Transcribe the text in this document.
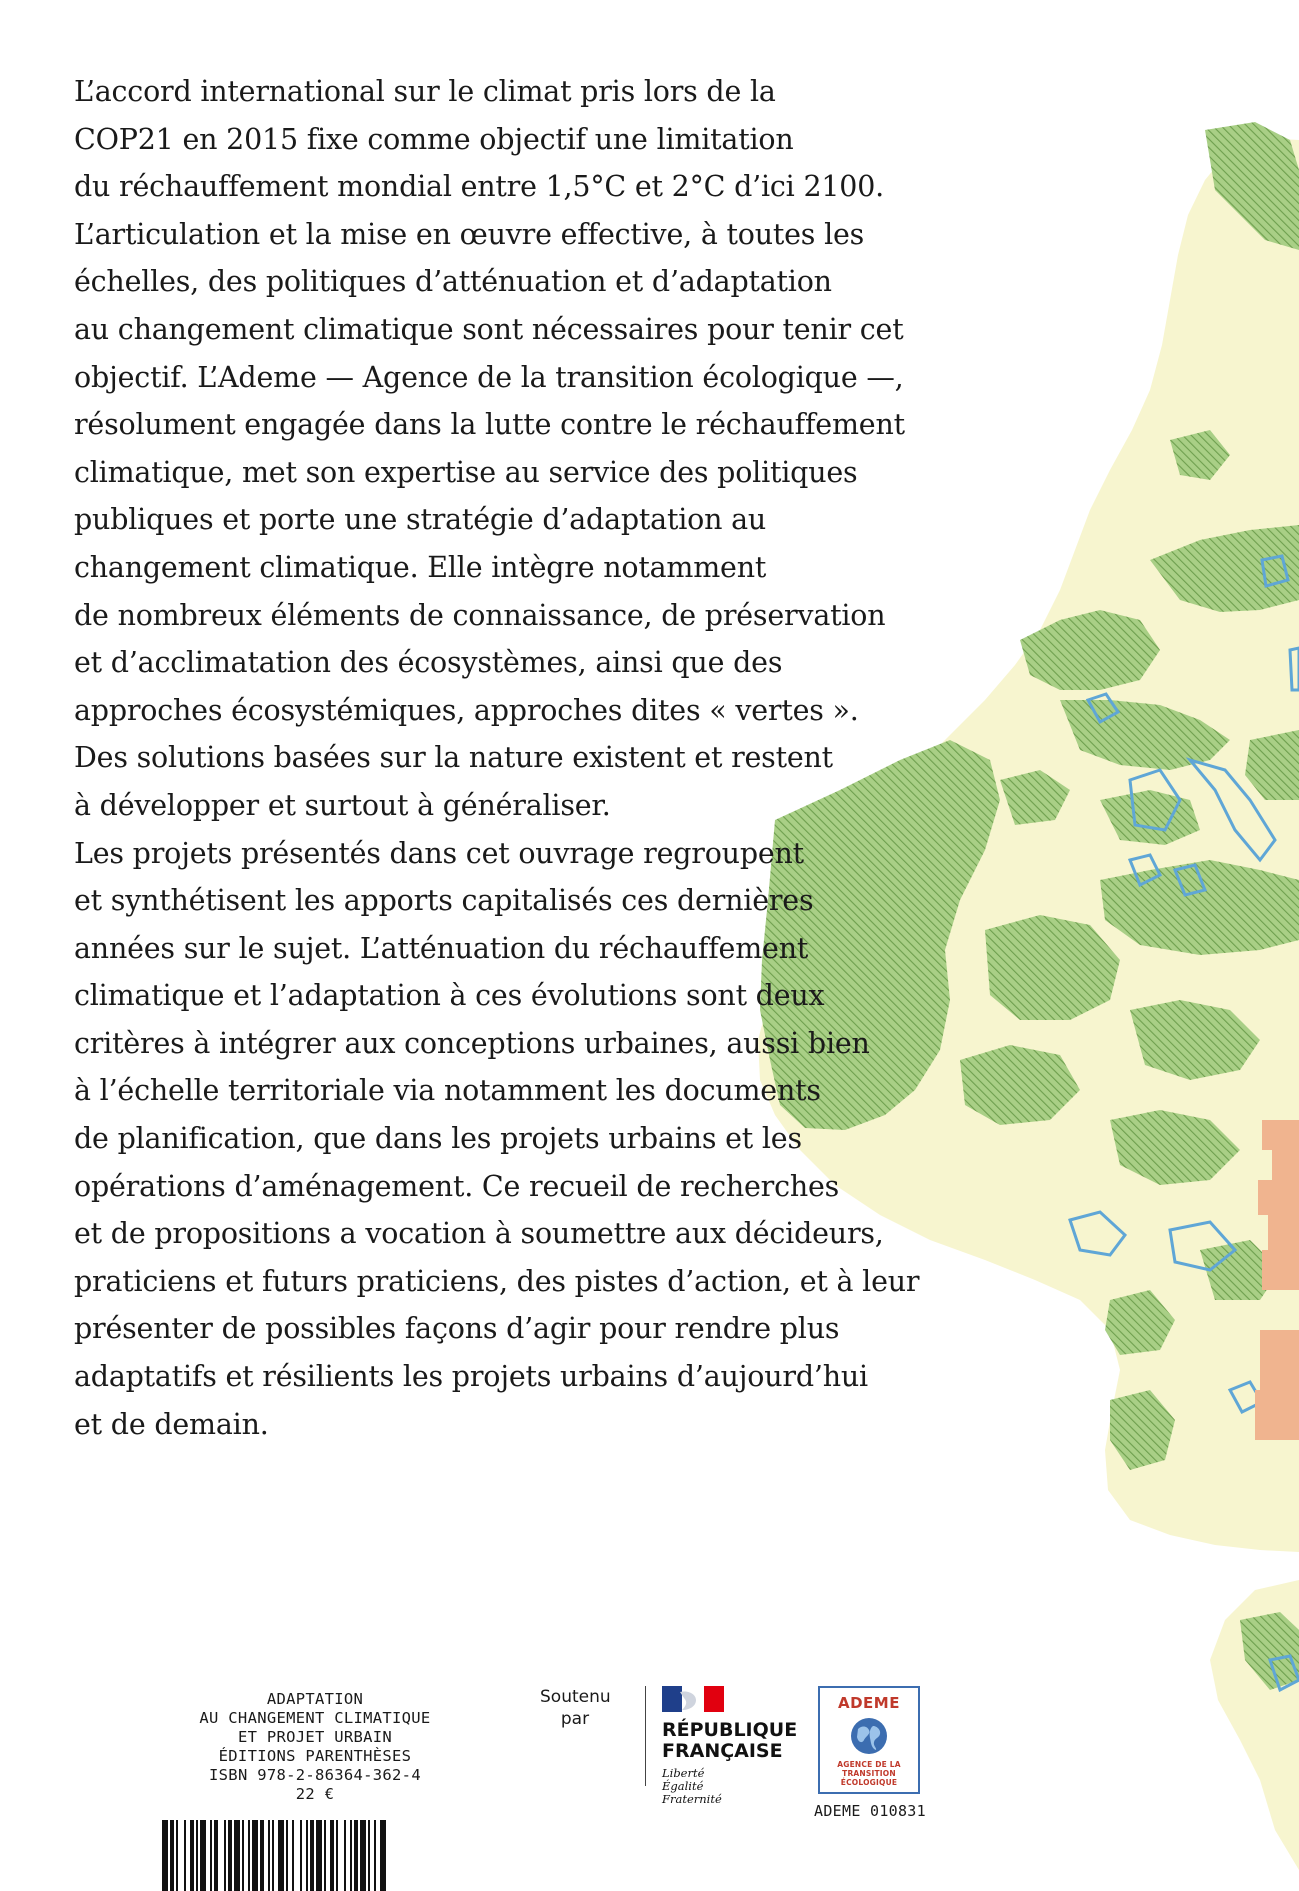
L’accord international sur le climat pris lors de la
COP21 en 2015 fixe comme objectif une limitation
du réchauffement mondial entre 1,5°C et 2°C d’ici 2100.
L’articulation et la mise en œuvre effective, à toutes les
échelles, des politiques d’atténuation et d’adaptation
au changement climatique sont nécessaires pour tenir cet
objectif. L’Ademe — Agence de la transition écologique —,
résolument engagée dans la lutte contre le réchauffement
climatique, met son expertise au service des politiques
publiques et porte une stratégie d’adaptation au
changement climatique. Elle intègre notamment
de nombreux éléments de connaissance, de préservation
et d’acclimatation des écosystèmes, ainsi que des
approches écosystémiques, approches dites « vertes ».
Des solutions basées sur la nature existent et restent
à développer et surtout à généraliser.
Les projets présentés dans cet ouvrage regroupent
et synthétisent les apports capitalisés ces dernières
années sur le sujet. L’atténuation du réchauffement
climatique et l’adaptation à ces évolutions sont deux
critères à intégrer aux conceptions urbaines, aussi bien
à l’échelle territoriale via notamment les documents
de planification, que dans les projets urbains et les
opérations d’aménagement. Ce recueil de recherches
et de propositions a vocation à soumettre aux décideurs,
praticiens et futurs praticiens, des pistes d’action, et à leur
présenter de possibles façons d’agir pour rendre plus
adaptatifs et résilients les projets urbains d’aujourd’hui
et de demain.
ADAPTATION
AU CHANGEMENT CLIMATIQUE
ET PROJET URBAIN
ÉDITIONS PARENTHÈSES
ISBN 978-2-86364-362-4
22 €
Soutenu
par	RÉPUBLIQUE
FRANÇAISE
Liberté
Égalité
Fraternité
ADEME
AGENCE DE LA
TRANSITION
ÉCOLOGIQUE
ADEME 010831
